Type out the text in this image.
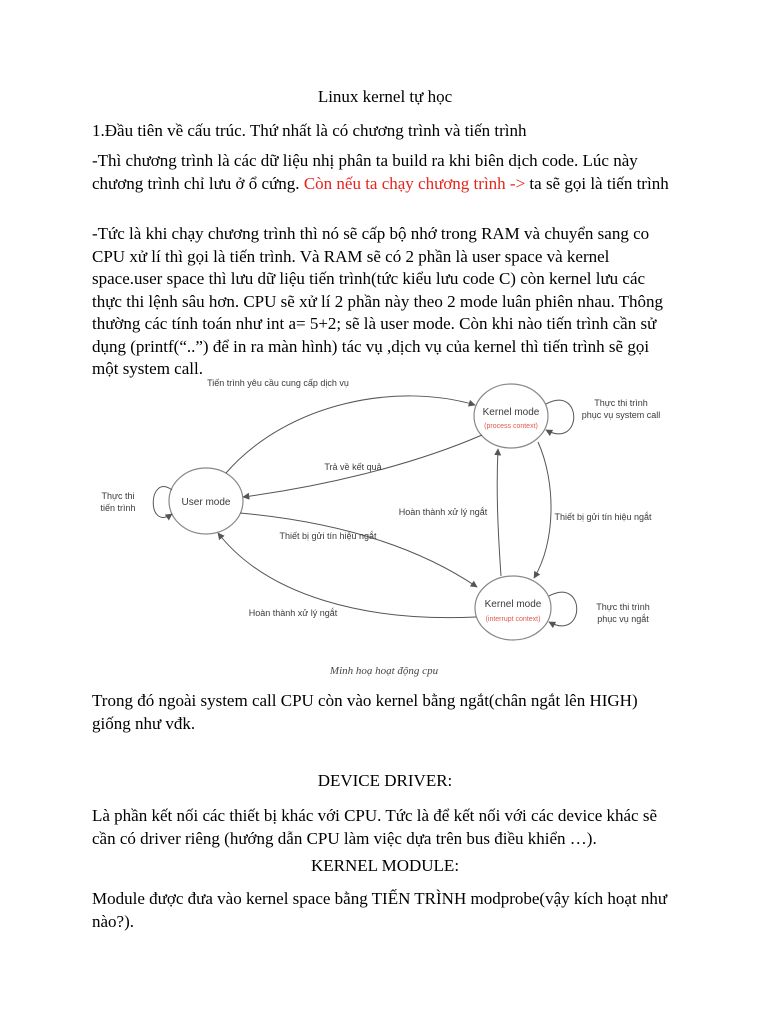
Linux kernel tự học
1.Đầu tiên về cấu trúc. Thứ nhất là có chương trình và tiến trình
-Thì chương trình là các dữ liệu nhị phân ta build ra khi biên dịch code. Lúc này chương trình chỉ lưu ở ổ cứng. Còn nếu ta chạy chương trình -> ta sẽ gọi là tiến trình
-Tức là khi chạy chương trình thì nó sẽ cấp bộ nhớ trong RAM và chuyển sang co CPU xử lí thì gọi là tiến trình. Và RAM sẽ có 2 phần là user space và kernel space.user space thì lưu dữ liệu tiến trình(tức kiểu lưu code C) còn kernel lưu các thực thi lệnh sâu hơn. CPU sẽ xử lí 2 phần này theo 2 mode luân phiên nhau. Thông thường các tính toán như int a= 5+2; sẽ là user mode. Còn khi nào tiến trình cần sử dụng (printf(“..”) để in ra màn hình) tác vụ ,dịch vụ của kernel thì tiến trình sẽ gọi một system call.
User mode
Kernel mode
(process context)
Kernel mode
(interrupt context)
Thực thi
tiến trình
Thực thi trình
phục vụ system call
Thực thi trình
phục vụ ngắt
Tiến trình yêu cầu cung cấp dịch vụ
Trả về kết quả
Hoàn thành xử lý ngắt	Thiết bị gửi tín hiệu ngắt
Thiết bị gửi tín hiệu ngắt
Hoàn thành xử lý ngắt
Minh hoạ hoạt động cpu
Trong đó ngoài system call CPU còn vào kernel bằng ngắt(chân ngắt lên HIGH) giống như vđk.
DEVICE DRIVER:
Là phần kết nối các thiết bị khác với CPU. Tức là để kết nối với các device khác sẽ cần có driver riêng (hướng dẫn CPU làm việc dựa trên bus điều khiển …).
KERNEL MODULE:
Module được đưa vào kernel space bằng TIẾN TRÌNH modprobe(vậy kích hoạt như nào?).
